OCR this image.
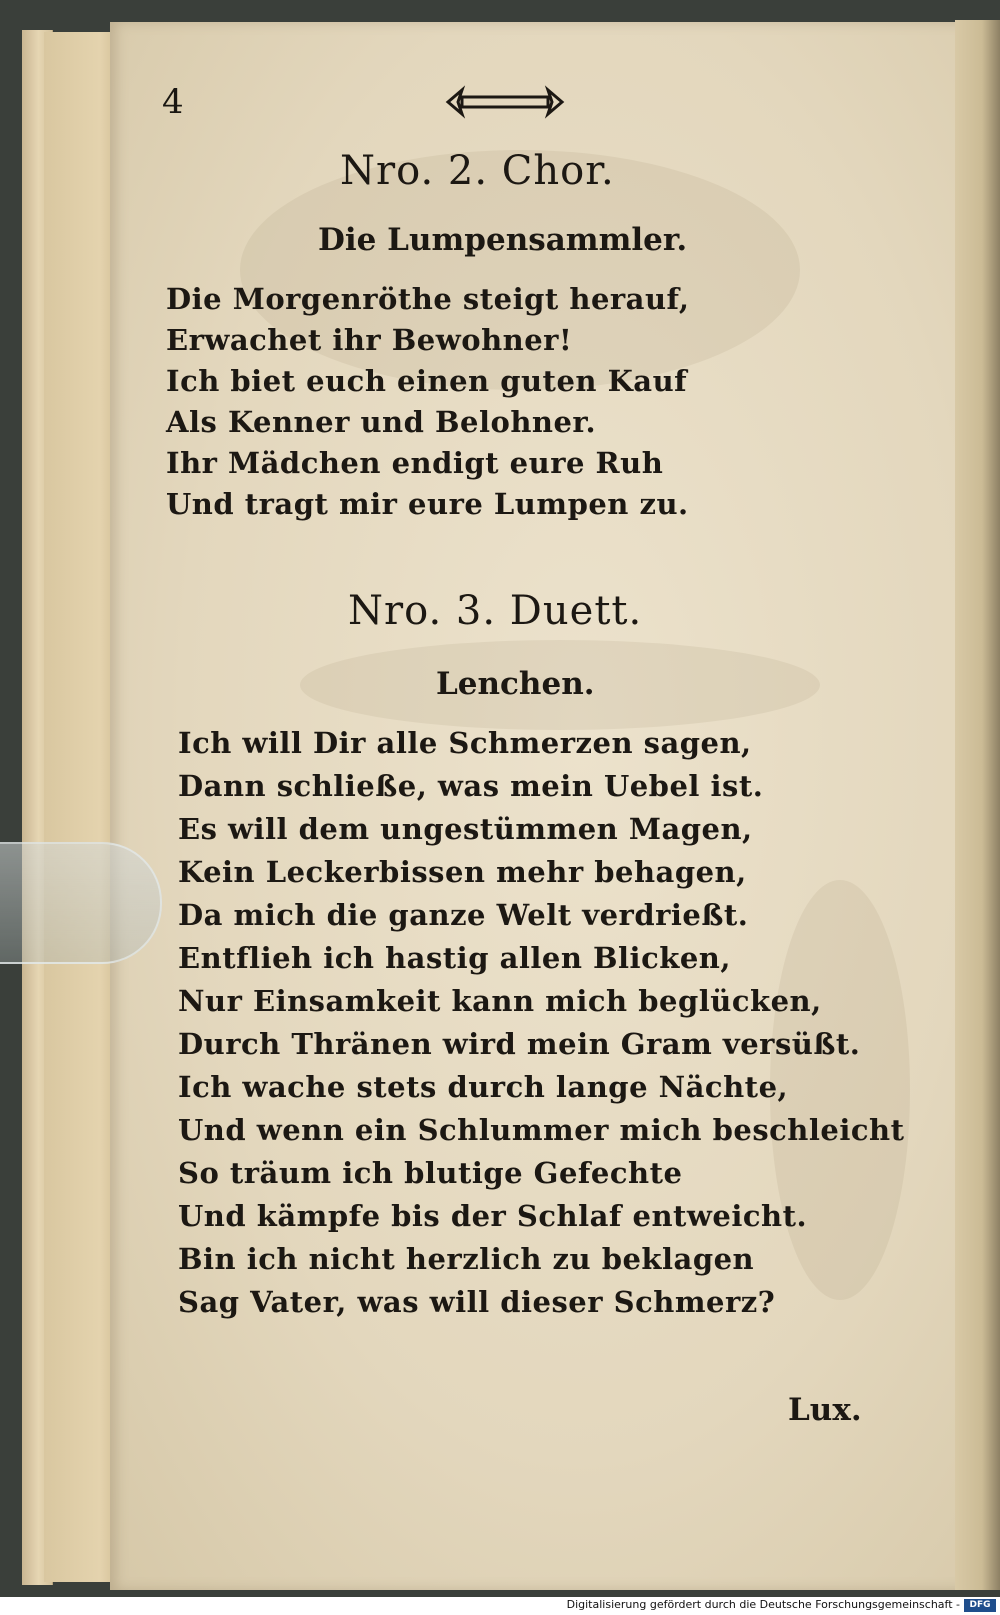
4
Nro. 2. Chor.
Die Lumpensammler.
Die Morgenröthe steigt herauf,
Erwachet ihr Bewohner!
Ich biet euch einen guten Kauf
Als Kenner und Belohner.
Ihr Mädchen endigt eure Ruh
Und tragt mir eure Lumpen zu.
Nro. 3. Duett.
Lenchen.
Ich will Dir alle Schmerzen sagen,
Dann schließe, was mein Uebel ist.
Es will dem ungestümmen Magen,
Kein Leckerbissen mehr behagen,
Da mich die ganze Welt verdrießt.
Entflieh ich hastig allen Blicken,
Nur Einsamkeit kann mich beglücken,
Durch Thränen wird mein Gram versüßt.
Ich wache stets durch lange Nächte,
Und wenn ein Schlummer mich beschleicht
So träum ich blutige Gefechte
Und kämpfe bis der Schlaf entweicht.
Bin ich nicht herzlich zu beklagen
Sag Vater, was will dieser Schmerz?
Lux.
Digitalisierung gefördert durch die Deutsche Forschungsgemeinschaft -	DFG
